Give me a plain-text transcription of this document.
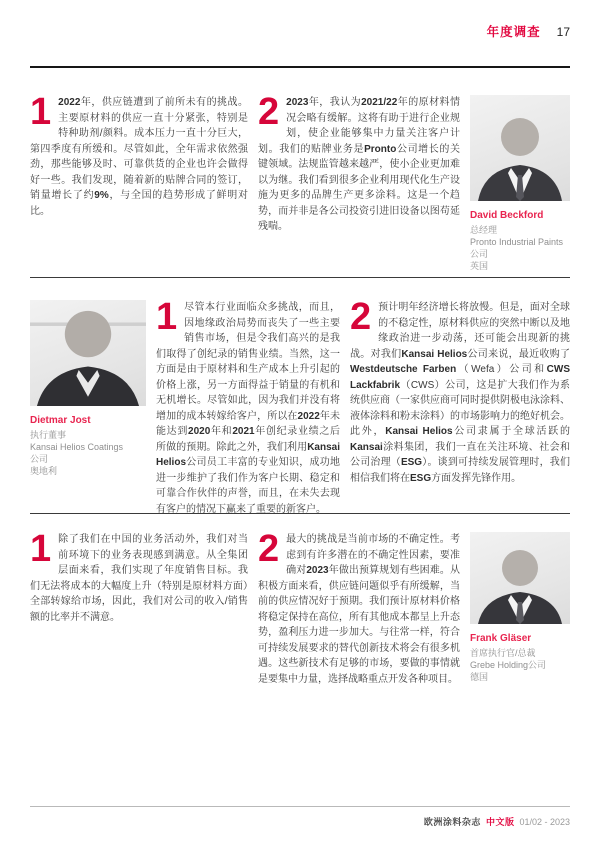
年度调查 17
1 2022年，供应链遭到了前所未有的挑战。主要原材料的供应一直十分紧张，特别是特种助剂/颜料。成本压力一直十分巨大，第四季度有所缓和。尽管如此，全年需求依然强劲，那些能够及时、可靠供货的企业也许会做得好一些。我们发现，随着新的贴牌合同的签订，销量增长了约9%，与全国的趋势形成了鲜明对比。
2 2023年，我认为2021/22年的原材料情况会略有缓解。这将有助于进行企业规划，使企业能够集中力量关注客户计划。我们的贴牌业务是Pronto公司增长的关键领域。法规监管越来越严，使小企业更加难以为继。我们看到很多企业利用现代化生产设施为更多的品牌生产更多涂料。这是一个趋势，而并非是各公司投资引进旧设备以图苟延残喘。
David Beckford
总经理
Pronto Industrial Paints
公司
英国
Dietmar Jost
执行董事
Kansai Helios Coatings
公司
奥地利
1 尽管本行业面临众多挑战，而且，因地缘政治局势而丧失了一些主要销售市场，但是令我们高兴的是我们取得了创纪录的销售业绩。当然，这一方面是由于原材料和生产成本上升引起的价格上涨，另一方面得益于销量的有机和无机增长。尽管如此，因为我们并没有将增加的成本转嫁给客户，所以在2022年未能达到2020年和2021年创纪录业绩之后所做的预期。除此之外，我们利用Kansai Helios公司员工丰富的专业知识，成功地进一步维护了我们作为客户长期、稳定和可靠合作伙伴的声誉，而且，在未失去现有客户的情况下赢来了重要的新客户。
2 预计明年经济增长将放慢。但是，面对全球的不稳定性，原材料供应的突然中断以及地缘政治进一步动荡，还可能会出现新的挑战。对我们Kansai Helios公司来说，最近收购了Westdeutsche Farben（Wefa）公司和CWS Lackfabrik（CWS）公司，这是扩大我们作为系统供应商（一家供应商可同时提供阴极电泳涂料、液体涂料和粉末涂料）的市场影响力的绝好机会。此外，Kansai Helios公司隶属于全球活跃的Kansai涂料集团，我们一直在关注环境、社会和公司治理（ESG）。谈到可持续发展管理时，我们相信我们将在ESG方面发挥先锋作用。
1 除了我们在中国的业务活动外，我们对当前环境下的业务表现感到满意。从全集团层面来看，我们实现了年度销售目标。我们无法将成本的大幅度上升（特别是原材料方面）全部转嫁给市场，因此，我们对公司的收入/销售额的比率并不满意。
2 最大的挑战是当前市场的不确定性。考虑到有许多潜在的不确定性因素，要准确对2023年做出预算规划有些困难。从积极方面来看，供应链问题似乎有所缓解，当前的供应情况好于预期。我们预计原材料价格将稳定保持在高位，所有其他成本都呈上升态势，盈利压力进一步加大。与往常一样，符合可持续发展要求的替代创新技术将会有很多机遇。这些新技术有足够的市场，要做的事情就是要集中力量，选择战略重点开发各种项目。
Frank Gläser
首席执行官/总裁
Grebe Holding公司
德国
欧洲涂料杂志 中文版 01/02 - 2023
